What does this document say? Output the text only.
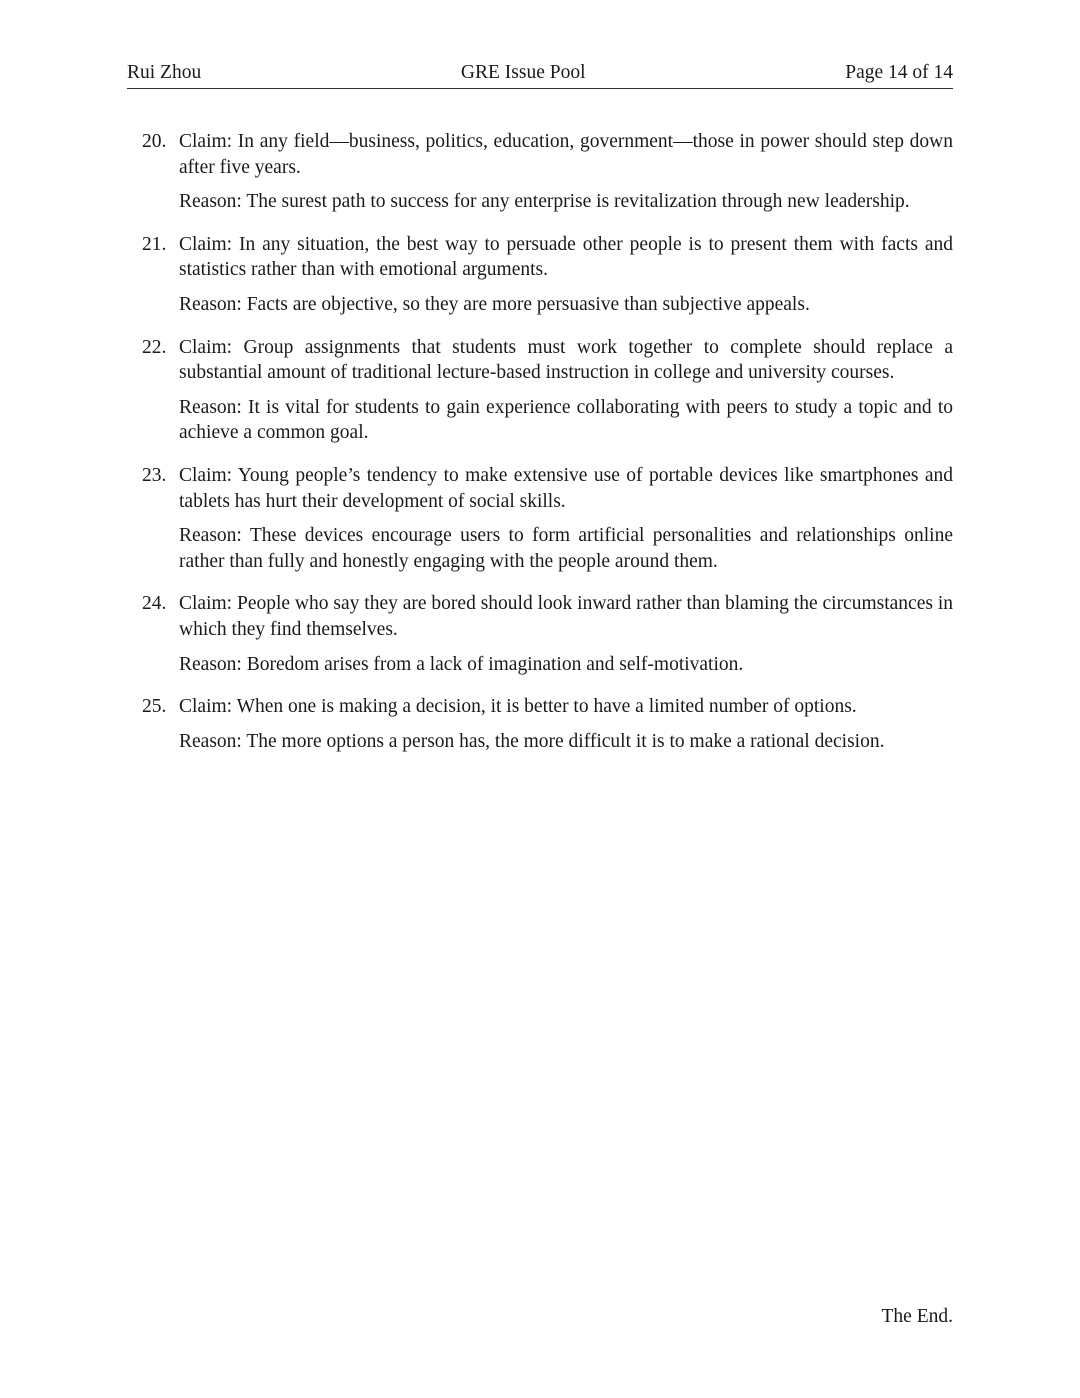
Rui Zhou	GRE Issue Pool	Page 14 of 14
20. Claim: In any field—business, politics, education, government—those in power should step down after five years.

Reason: The surest path to success for any enterprise is revitalization through new leadership.

21. Claim: In any situation, the best way to persuade other people is to present them with facts and statistics rather than with emotional arguments.

Reason: Facts are objective, so they are more persuasive than subjective appeals.

22. Claim: Group assignments that students must work together to complete should replace a substantial amount of traditional lecture-based instruction in college and university courses.

Reason: It is vital for students to gain experience collaborating with peers to study a topic and to achieve a common goal.

23. Claim: Young people’s tendency to make extensive use of portable devices like smartphones and tablets has hurt their development of social skills.

Reason: These devices encourage users to form artificial personalities and relationships online rather than fully and honestly engaging with the people around them.

24. Claim: People who say they are bored should look inward rather than blaming the circumstances in which they find themselves.

Reason: Boredom arises from a lack of imagination and self-motivation.

25. Claim: When one is making a decision, it is better to have a limited number of options.

Reason: The more options a person has, the more difficult it is to make a rational decision.

The End.
